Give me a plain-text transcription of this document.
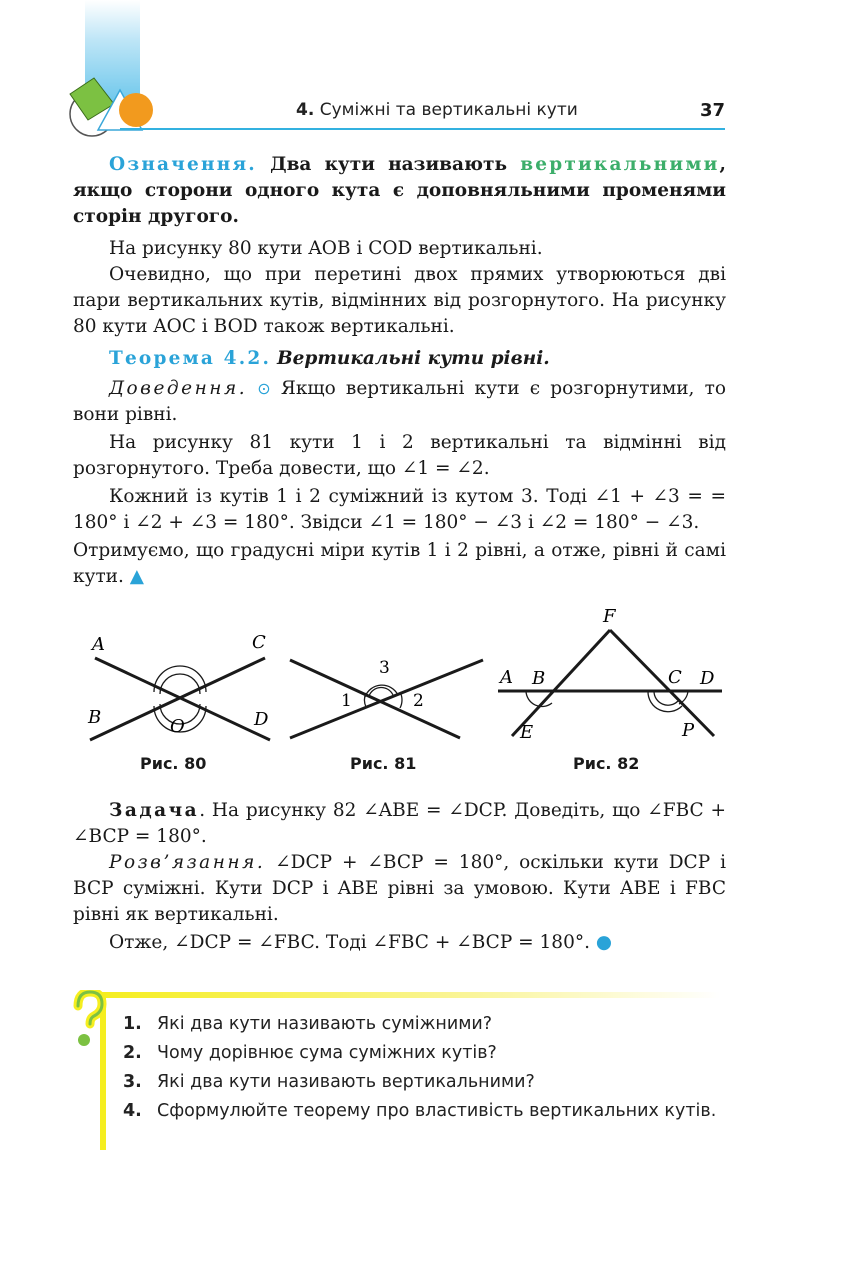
4. Суміжні та вертикальні кути	37

Означення. Два кути називають вертикальними, якщо сторони одного кута є доповняльними променями сторін другого.

На рисунку 80 кути AOB і COD вертикальні.

Очевидно, що при перетині двох прямих утворюються дві пари вертикальних кутів, відмінних від розгорнутого. На рисунку 80 кути AOC і BOD також вертикальні.

Теорема 4.2. Вертикальні кути рівні.

Доведення. ⊙ Якщо вертикальні кути є розгорнутими, то вони рівні.

На рисунку 81 кути 1 і 2 вертикальні та відмінні від розгорнутого. Треба довести, що ∠1 = ∠2.

Кожний із кутів 1 і 2 суміжний із кутом 3. Тоді ∠1 + ∠3 = = 180° і ∠2 + ∠3 = 180°. Звідси ∠1 = 180° − ∠3 і ∠2 = 180° − ∠3.

Отримуємо, що градусні міри кутів 1 і 2 рівні, а отже, рівні й самі кути. ▲

A	C
B	O	D
Рис. 80
1	2
3
Рис. 81
F
A B	C D
E	P
Рис. 82

Задача. На рисунку 82 ∠ABE = ∠DCP. Доведіть, що ∠FBC + ∠BCP = 180°.

Розв’язання. ∠DCP + ∠BCP = 180°, оскільки кути DCP і BCP суміжні. Кути DCP і ABE рівні за умовою. Кути ABE і FBC рівні як вертикальні.

Отже, ∠DCP = ∠FBC. Тоді ∠FBC + ∠BCP = 180°. ●

1. Які два кути називають суміжними?
2. Чому дорівнює сума суміжних кутів?
3. Які два кути називають вертикальними?
4. Сформулюйте теорему про властивість вертикальних кутів.
